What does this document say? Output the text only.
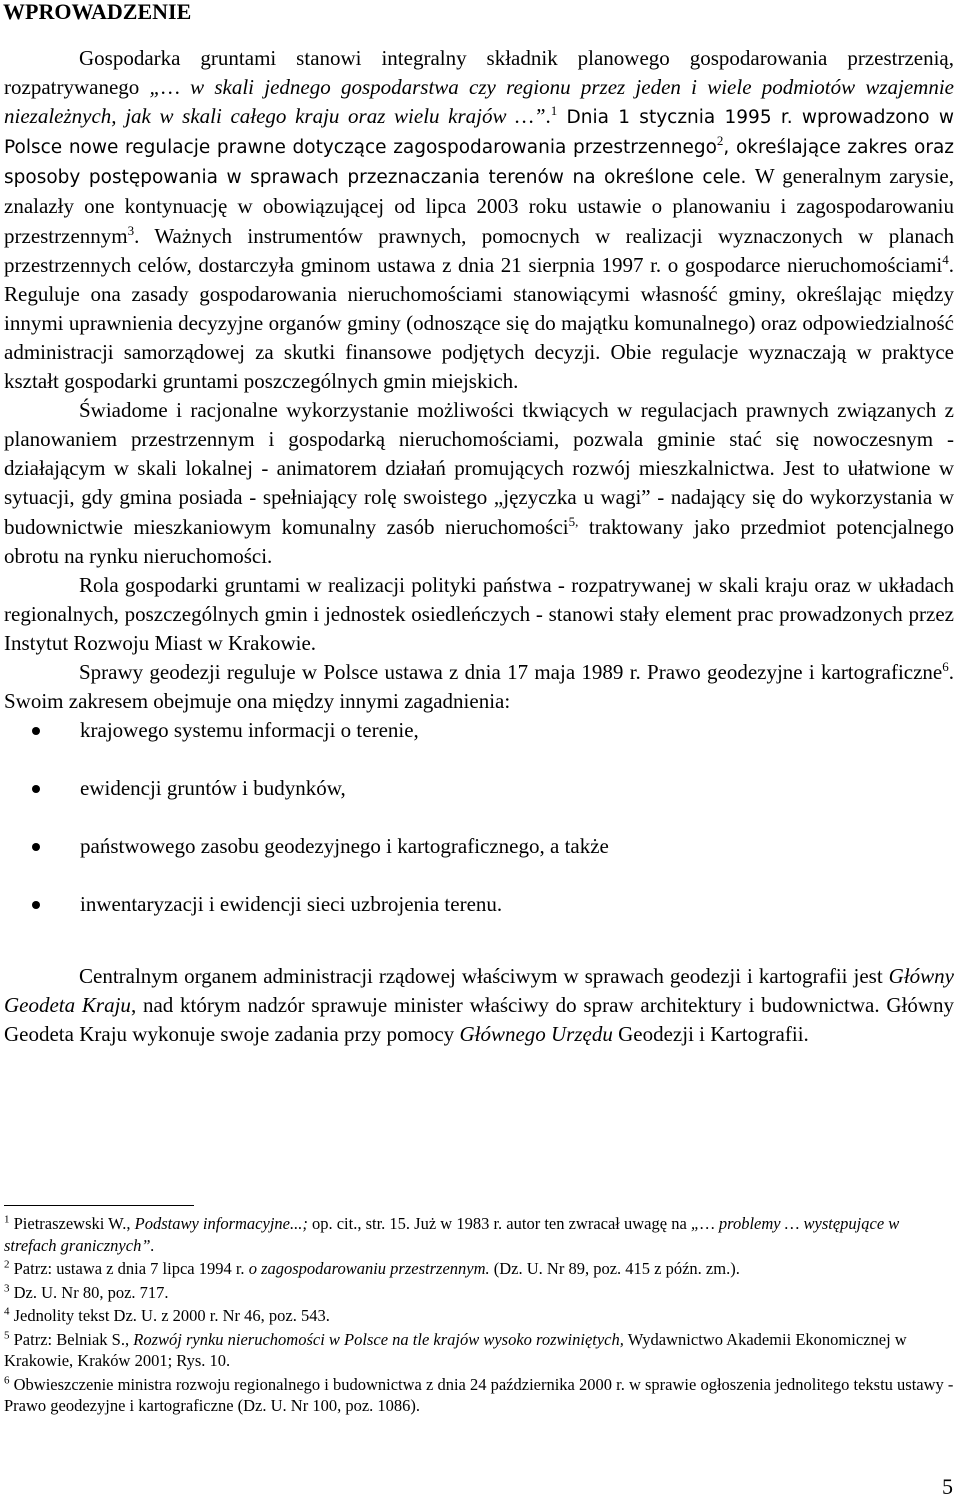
WPROWADZENIE

Gospodarka gruntami stanowi integralny składnik planowego gospodarowania przestrzenią, rozpatrywanego „… w skali jednego gospodarstwa czy regionu przez jeden i wiele podmiotów wzajemnie niezależnych, jak w skali całego kraju oraz wielu krajów …”.$^1$ Dnia 1 stycznia 1995 r. wprowadzono w Polsce nowe regulacje prawne dotyczące zagospodarowania przestrzennego$^2$, określające zakres oraz sposoby postępowania w sprawach przeznaczania terenów na określone cele. W generalnym zarysie, znalazły one kontynuację w obowiązującej od lipca 2003 roku ustawie o planowaniu i zagospodarowaniu przestrzennym$^3$. Ważnych instrumentów prawnych, pomocnych w realizacji wyznaczonych w planach przestrzennych celów, dostarczyła gminom ustawa z dnia 21 sierpnia 1997 r. o gospodarce nieruchomościami$^4$. Reguluje ona zasady gospodarowania nieruchomościami stanowiącymi własność gminy, określając między innymi uprawnienia decyzyjne organów gminy (odnoszące się do majątku komunalnego) oraz odpowiedzialność administracji samorządowej za skutki finansowe podjętych decyzji. Obie regulacje wyznaczają w praktyce kształt gospodarki gruntami poszczególnych gmin miejskich.

Świadome i racjonalne wykorzystanie możliwości tkwiących w regulacjach prawnych związanych z planowaniem przestrzennym i gospodarką nieruchomościami, pozwala gminie stać się nowoczesnym - działającym w skali lokalnej - animatorem działań promujących rozwój mieszkalnictwa. Jest to ułatwione w sytuacji, gdy gmina posiada - spełniający rolę swoistego „języczka u wagi” - nadający się do wykorzystania w budownictwie mieszkaniowym komunalny zasób nieruchomości$^{5,}$ traktowany jako przedmiot potencjalnego obrotu na rynku nieruchomości.

Rola gospodarki gruntami w realizacji polityki państwa - rozpatrywanej w skali kraju oraz w układach regionalnych, poszczególnych gmin i jednostek osiedleńczych - stanowi stały element prac prowadzonych przez Instytut Rozwoju Miast w Krakowie.

Sprawy geodezji reguluje w Polsce ustawa z dnia 17 maja 1989 r. Prawo geodezyjne i kartograficzne$^6$. Swoim zakresem obejmuje ona między innymi zagadnienia:

krajowego systemu informacji o terenie,
ewidencji gruntów i budynków,
państwowego zasobu geodezyjnego i kartograficznego, a także
inwentaryzacji i ewidencji sieci uzbrojenia terenu.

Centralnym organem administracji rządowej właściwym w sprawach geodezji i kartografii jest Główny Geodeta Kraju, nad którym nadzór sprawuje minister właściwy do spraw architektury i budownictwa. Główny Geodeta Kraju wykonuje swoje zadania przy pomocy Głównego Urzędu Geodezji i Kartografii.

$^1$ Pietraszewski W., Podstawy informacyjne...; op. cit., str. 15. Już w 1983 r. autor ten zwracał uwagę na „… problemy … występujące w strefach granicznych”.

$^2$ Patrz: ustawa z dnia 7 lipca 1994 r. o zagospodarowaniu przestrzennym. (Dz. U. Nr 89, poz. 415 z późn. zm.).

$^3$ Dz. U. Nr 80, poz. 717.

$^4$ Jednolity tekst Dz. U. z 2000 r. Nr 46, poz. 543.

$^5$ Patrz: Belniak S., Rozwój rynku nieruchomości w Polsce na tle krajów wysoko rozwiniętych, Wydawnictwo Akademii Ekonomicznej w Krakowie, Kraków 2001; Rys. 10.

$^6$ Obwieszczenie ministra rozwoju regionalnego i budownictwa z dnia 24 października 2000 r. w sprawie ogłoszenia jednolitego tekstu ustawy - Prawo geodezyjne i kartograficzne (Dz. U. Nr 100, poz. 1086).

5
